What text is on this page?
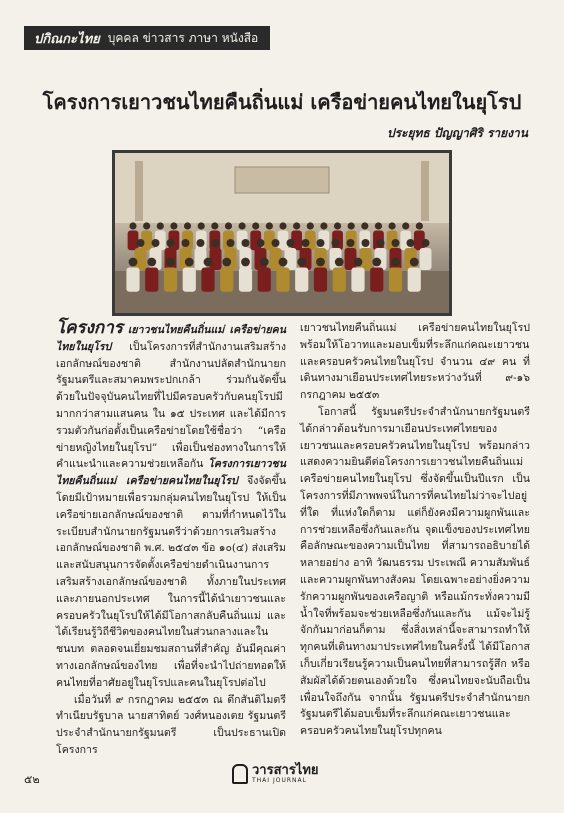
ปกิณกะไทย บุคคล ข่าวสาร ภาษา หนังสือ
โครงการเยาวชนไทยคืนถิ่นแม่ เครือข่ายคนไทยในยุโรป
ประยุทธ ปัญญาศิริ รายงาน

โครงการ เยาวชนไทยคืนถิ่นแม่ เครือข่ายคนไทยในยุโรป เป็นโครงการที่สำนักงานเสริมสร้างเอกลักษณ์ของชาติ สำนักงานปลัดสำนักนายกรัฐมนตรีและสมาคมพระปกเกล้า ร่วมกันจัดขึ้น ด้วยในปัจจุบันคนไทยที่ไปมีครอบครัวกับคนยุโรปมีมากกว่าสามแสนคน ใน ๑๕ ประเทศ และได้มีการรวมตัวกันก่อตั้งเป็นเครือข่ายโดยใช้ชื่อว่า “เครือข่ายหญิงไทยในยุโรป” เพื่อเป็นช่องทางในการให้คำแนะนำและความช่วยเหลือกัน โครงการเยาวชนไทยคืนถิ่นแม่ เครือข่ายคนไทยในยุโรป จึงจัดขึ้นโดยมีเป้าหมายเพื่อรวมกลุ่มคนไทยในยุโรป ให้เป็นเครือข่ายเอกลักษณ์ของชาติ ตามที่กำหนดไว้ในระเบียบสำนักนายกรัฐมนตรีว่าด้วยการเสริมสร้างเอกลักษณ์ของชาติ พ.ศ. ๒๕๔๓ ข้อ ๑๐(๔) ส่งเสริมและสนับสนุนการจัดตั้งเครือข่ายดำเนินงานการเสริมสร้างเอกลักษณ์ของชาติ ทั้งภายในประเทศและภายนอกประเทศ ในการนี้ได้นำเยาวชนและครอบครัวในยุโรปให้ได้มีโอกาสกลับคืนถิ่นแม่ และได้เรียนรู้วิถีชีวิตของคนไทยในส่วนกลางและในชนบท ตลอดจนเยี่ยมชมสถานที่สำคัญ อันมีคุณค่าทางเอกลักษณ์ของไทย เพื่อที่จะนำไปถ่ายทอดให้คนไทยที่อาศัยอยู่ในยุโรปและคนในยุโรปต่อไป

เมื่อวันที่ ๙ กรกฎาคม ๒๕๕๓ ณ ตึกสันติไมตรี ทำเนียบรัฐบาล นายสาทิตย์ วงศ์หนองเตย รัฐมนตรีประจำสำนักนายกรัฐมนตรี เป็นประธานเปิดโครงการ

เยาวชนไทยคืนถิ่นแม่ เครือข่ายคนไทยในยุโรป พร้อมให้โอวาทและมอบเข็มที่ระลึกแก่คณะเยาวชนและครอบครัวคนไทยในยุโรป จำนวน ๔๙ คน ที่เดินทางมาเยือนประเทศไทยระหว่างวันที่ ๙-๑๖ กรกฎาคม ๒๕๕๓

โอกาสนี้ รัฐมนตรีประจำสำนักนายกรัฐมนตรี ได้กล่าวต้อนรับการมาเยือนประเทศไทยของเยาวชนและครอบครัวคนไทยในยุโรป พร้อมกล่าวแสดงความยินดีต่อโครงการเยาวชนไทยคืนถิ่นแม่ เครือข่ายคนไทยในยุโรป ซึ่งจัดขึ้นเป็นปีแรก เป็นโครงการที่มีภาพพจน์ในการที่คนไทยไม่ว่าจะไปอยู่ที่ใด ที่แห่งใดก็ตาม แต่ก็ยังคงมีความผูกพันและการช่วยเหลือซึ่งกันและกัน จุดแข็งของประเทศไทยคือลักษณะของความเป็นไทย ที่สามารถอธิบายได้หลายอย่าง อาทิ วัฒนธรรม ประเพณี ความสัมพันธ์และความผูกพันทางสังคม โดยเฉพาะอย่างยิ่งความรักความผูกพันของเครือญาติ หรือแม้กระทั่งความมีน้ำใจที่พร้อมจะช่วยเหลือซึ่งกันและกัน แม้จะไม่รู้จักกันมาก่อนก็ตาม ซึ่งสิ่งเหล่านี้จะสามารถทำให้ทุกคนที่เดินทางมาประเทศไทยในครั้งนี้ ได้มีโอกาสเก็บเกี่ยวเรียนรู้ความเป็นคนไทยที่สามารถรู้สึก หรือสัมผัสได้ด้วยตนเองด้วยใจ ซึ่งคนไทยจะนับถือเป็นเพื่อนใจถึงกัน จากนั้น รัฐมนตรีประจำสำนักนายกรัฐมนตรีได้มอบเข็มที่ระลึกแก่คณะเยาวชนและครอบครัวคนไทยในยุโรปทุกคน

๕๒
วารสารไทย
THAI JOURNAL
